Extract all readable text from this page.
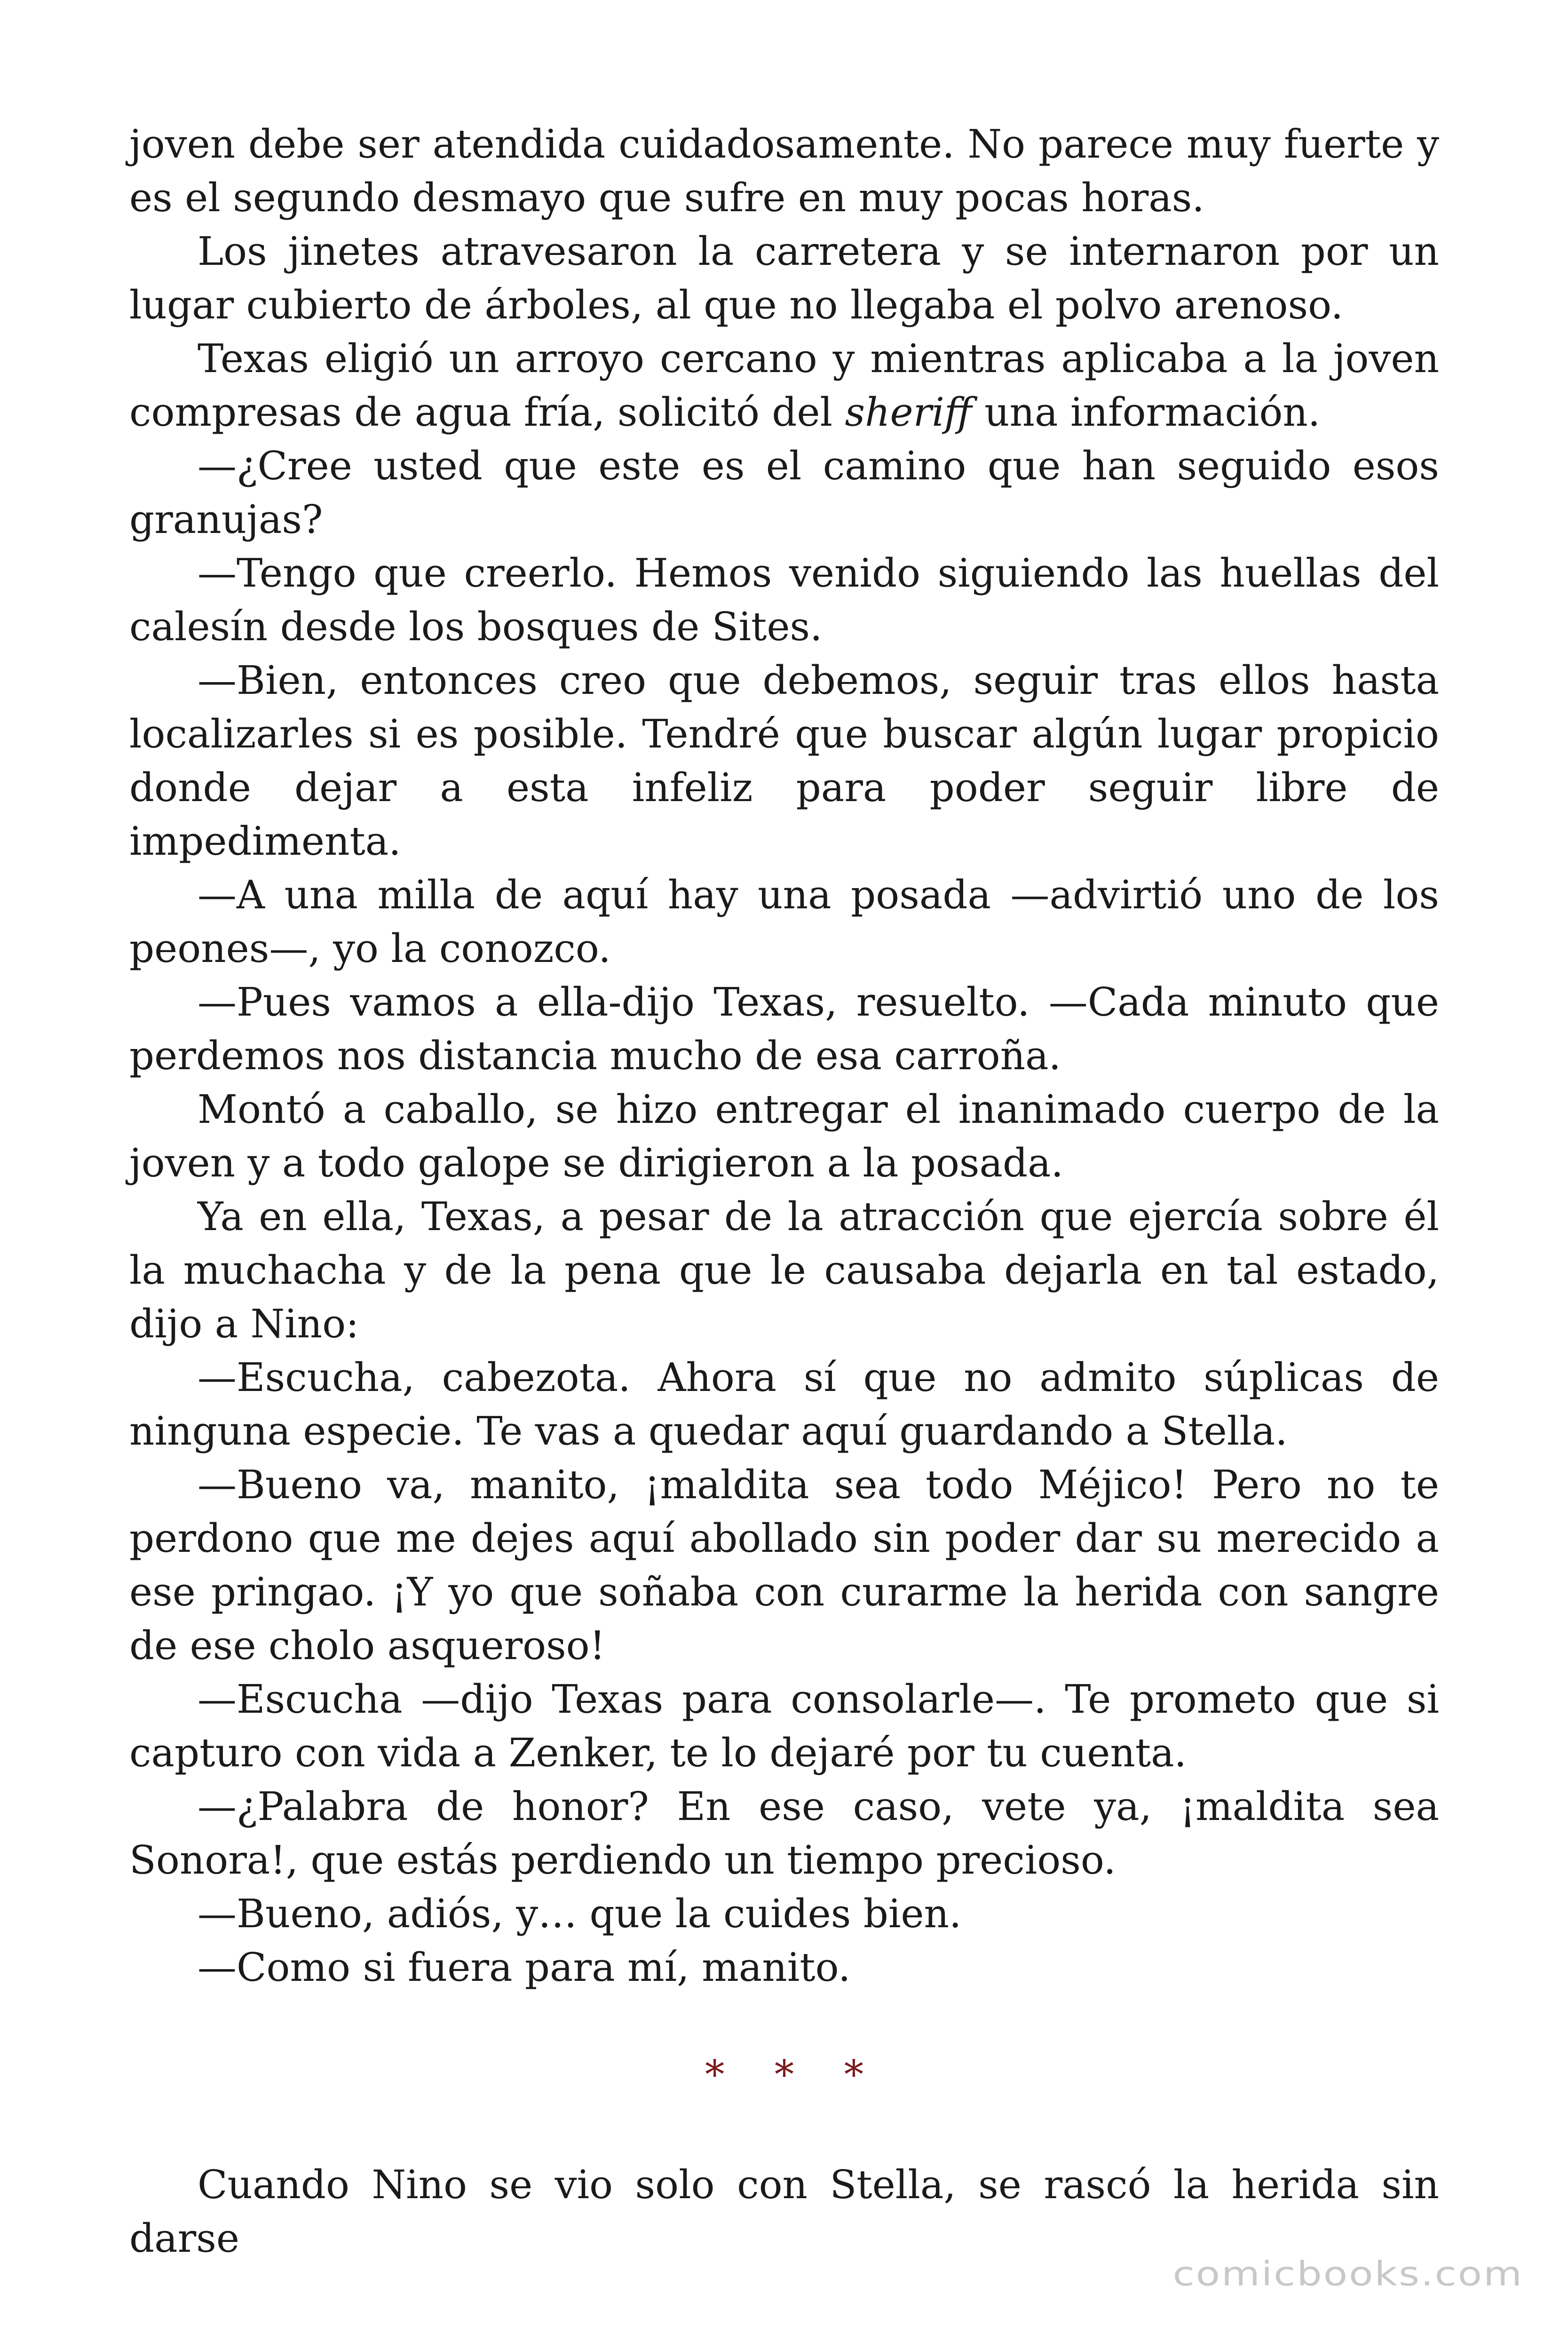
joven debe ser atendida cuidadosamente. No parece muy fuerte y es el segundo desmayo que sufre en muy pocas horas.

Los jinetes atravesaron la carretera y se internaron por un lugar cubierto de árboles, al que no llegaba el polvo arenoso.

Texas eligió un arroyo cercano y mientras aplicaba a la joven compresas de agua fría, solicitó del sheriff una información.

—¿Cree usted que este es el camino que han seguido esos granujas?

—Tengo que creerlo. Hemos venido siguiendo las huellas del calesín desde los bosques de Sites.

—Bien, entonces creo que debemos, seguir tras ellos hasta localizarles si es posible. Tendré que buscar algún lugar propicio donde dejar a esta infeliz para poder seguir libre de impedimenta.

—A una milla de aquí hay una posada —advirtió uno de los peones—, yo la conozco.

—Pues vamos a ella-dijo Texas, resuelto. —Cada minuto que perdemos nos distancia mucho de esa carroña.

Montó a caballo, se hizo entregar el inanimado cuerpo de la joven y a todo galope se dirigieron a la posada.

Ya en ella, Texas, a pesar de la atracción que ejercía sobre él la muchacha y de la pena que le causaba dejarla en tal estado, dijo a Nino:

—Escucha, cabezota. Ahora sí que no admito súplicas de ninguna especie. Te vas a quedar aquí guardando a Stella.

—Bueno va, manito, ¡maldita sea todo Méjico! Pero no te perdono que me dejes aquí abollado sin poder dar su merecido a ese pringao. ¡Y yo que soñaba con curarme la herida con sangre de ese cholo asqueroso!

—Escucha —dijo Texas para consolarle—. Te prometo que si capturo con vida a Zenker, te lo dejaré por tu cuenta.

—¿Palabra de honor? En ese caso, vete ya, ¡maldita sea Sonora!, que estás perdiendo un tiempo precioso.

—Bueno, adiós, y… que la cuides bien.

—Como si fuera para mí, manito.

* * *

Cuando Nino se vio solo con Stella, se rascó la herida sin darse

comicbooks.com
